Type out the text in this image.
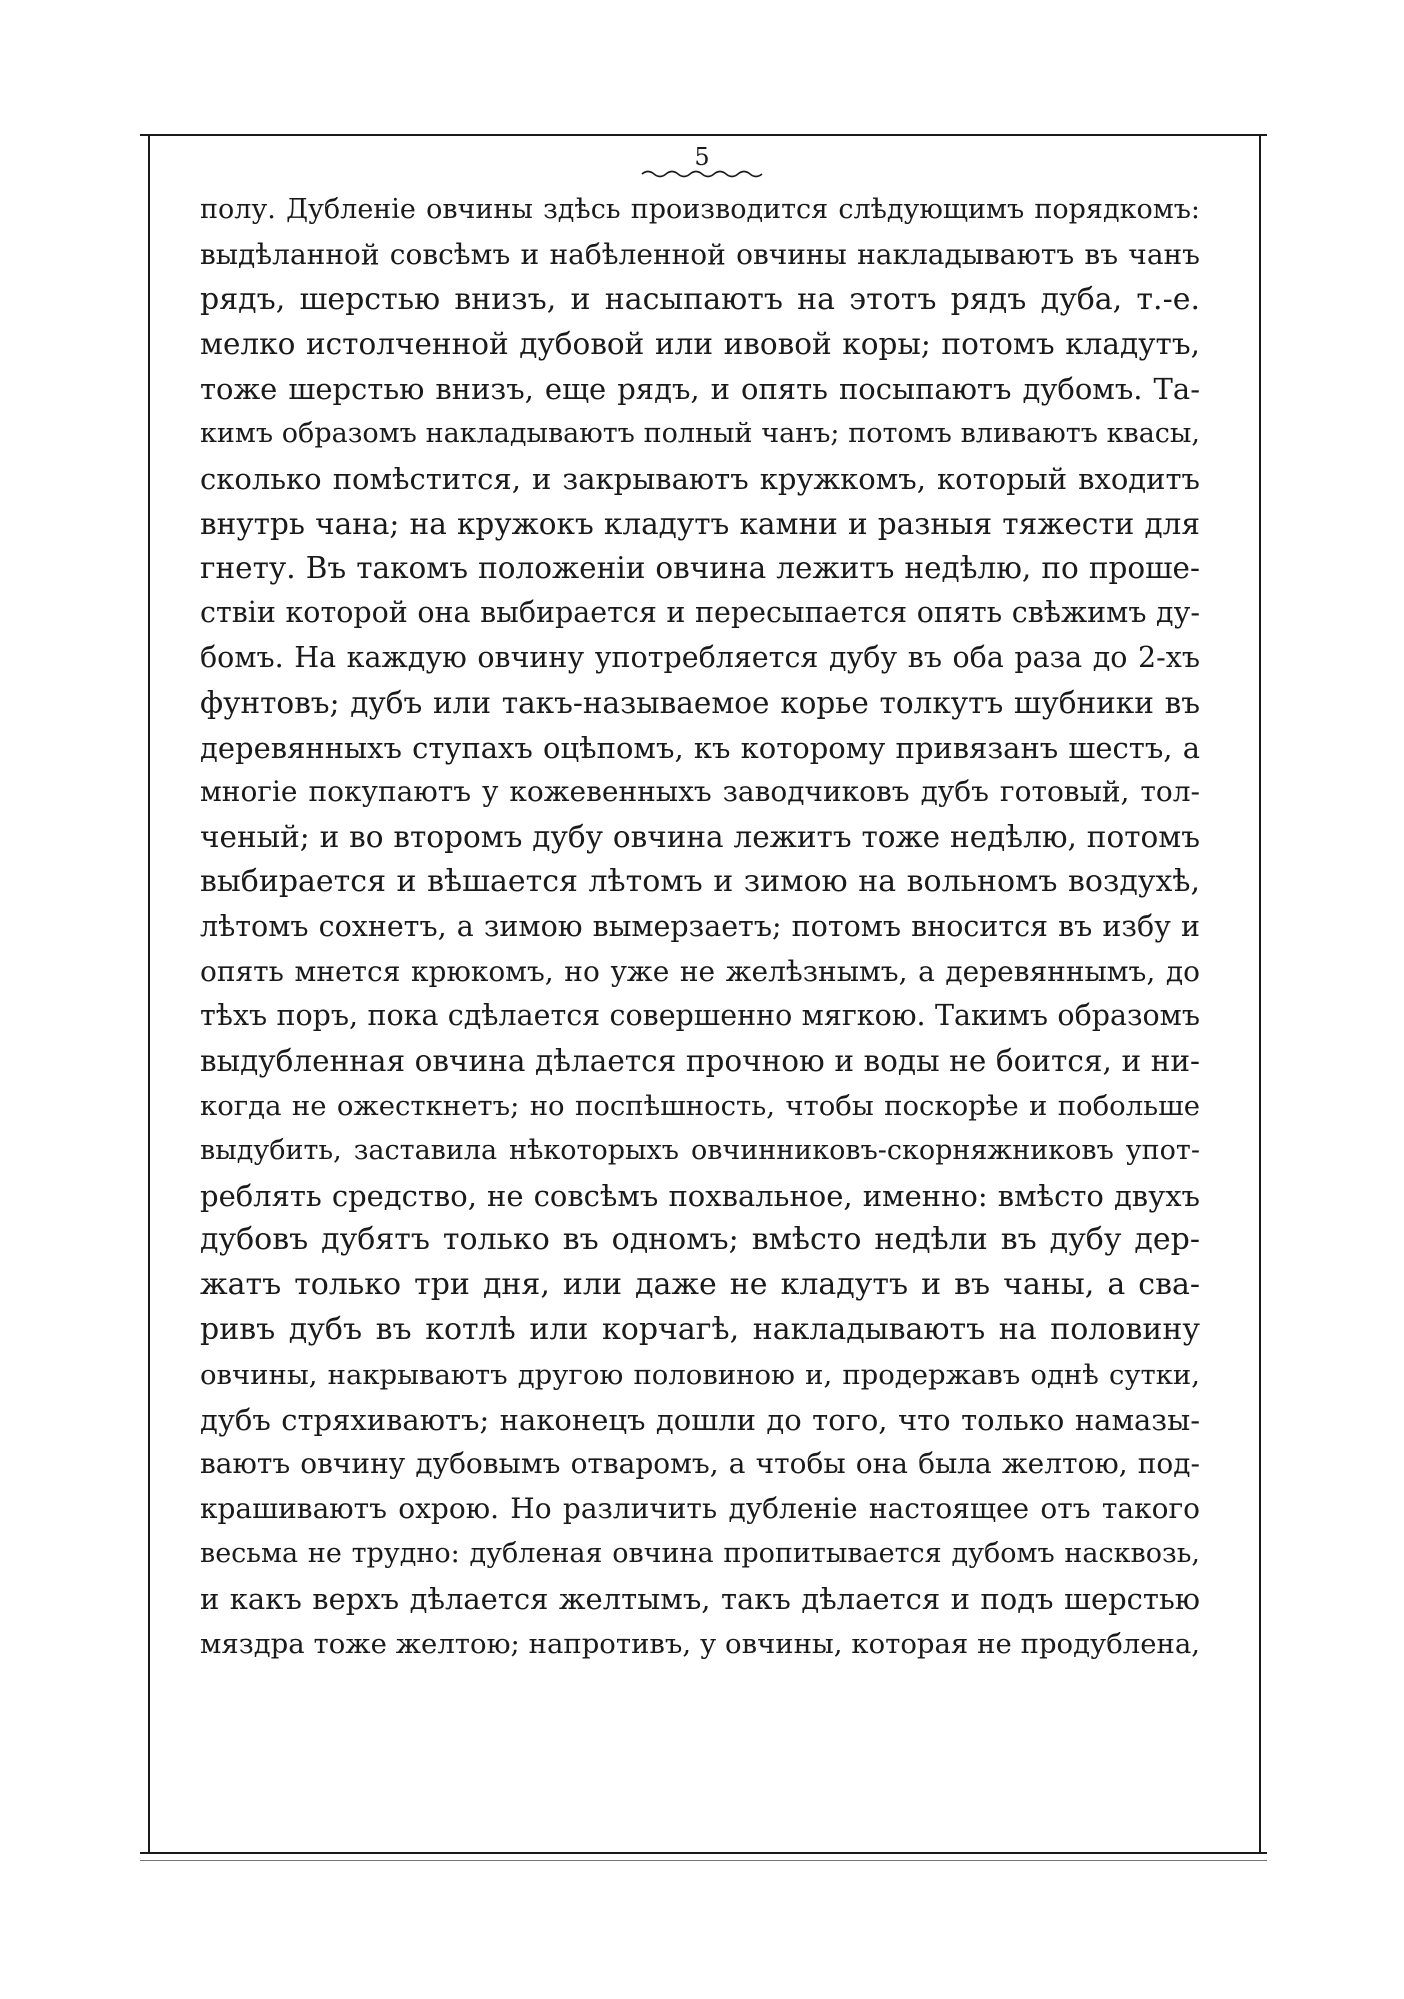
5
полу. Дубленіе овчины здѣсь производится слѣдующимъ порядкомъ:
выдѣланной совсѣмъ и набѣленной овчины накладываютъ въ чанъ
рядъ, шерстью внизъ, и насыпаютъ на этотъ рядъ дуба, т.-е.
мелко истолченной дубовой или ивовой коры; потомъ кладутъ,
тоже шерстью внизъ, еще рядъ, и опять посыпаютъ дубомъ. Та-
кимъ образомъ накладываютъ полный чанъ; потомъ вливаютъ квасы,
сколько помѣстится, и закрываютъ кружкомъ, который входитъ
внутрь чана; на кружокъ кладутъ камни и разныя тяжести для
гнету. Въ такомъ положеніи овчина лежитъ недѣлю, по проше-
ствіи которой она выбирается и пересыпается опять свѣжимъ ду-
бомъ. На каждую овчину употребляется дубу въ оба раза до 2-хъ
фунтовъ; дубъ или такъ-называемое корье толкутъ шубники въ
деревянныхъ ступахъ оцѣпомъ, къ которому привязанъ шестъ, а
многіе покупаютъ у кожевенныхъ заводчиковъ дубъ готовый, тол-
ченый; и во второмъ дубу овчина лежитъ тоже недѣлю, потомъ
выбирается и вѣшается лѣтомъ и зимою на вольномъ воздухѣ,
лѣтомъ сохнетъ, а зимою вымерзаетъ; потомъ вносится въ избу и
опять мнется крюкомъ, но уже не желѣзнымъ, а деревяннымъ, до
тѣхъ поръ, пока сдѣлается совершенно мягкою. Такимъ образомъ
выдубленная овчина дѣлается прочною и воды не боится, и ни-
когда не ожесткнетъ; но поспѣшность, чтобы поскорѣе и побольше
выдубить, заставила нѣкоторыхъ овчинниковъ-скорняжниковъ упот-
реблять средство, не совсѣмъ похвальное, именно: вмѣсто двухъ
дубовъ дубятъ только въ одномъ; вмѣсто недѣли въ дубу дер-
жатъ только три дня, или даже не кладутъ и въ чаны, а сва-
ривъ дубъ въ котлѣ или корчагѣ, накладываютъ на половину
овчины, накрываютъ другою половиною и, продержавъ однѣ сутки,
дубъ стряхиваютъ; наконецъ дошли до того, что только намазы-
ваютъ овчину дубовымъ отваромъ, а чтобы она была желтою, под-
крашиваютъ охрою. Но различить дубленіе настоящее отъ такого
весьма не трудно: дубленая овчина пропитывается дубомъ насквозь,
и какъ верхъ дѣлается желтымъ, такъ дѣлается и подъ шерстью
мяздра тоже желтою; напротивъ, у овчины, которая не продублена,
